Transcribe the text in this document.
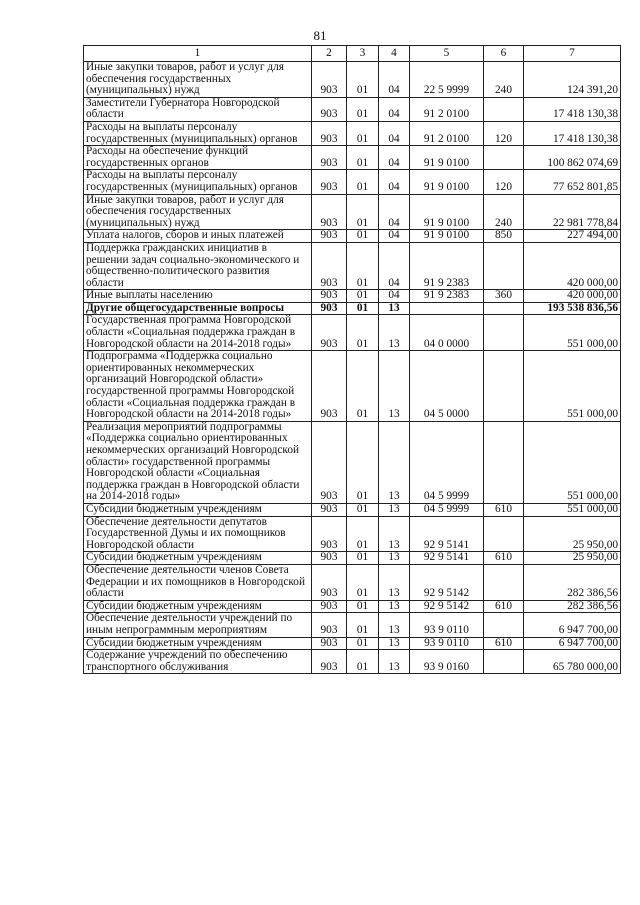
81
1	2	3	4	5	6	7

Иные закупки товаров, работ и услуг для обеспечения государственных (муниципальных) нужд	903	01	04	22 5 9999	240	124 391,20

Заместители Губернатора Новгородской области	903	01	04	91 2 0100		17 418 130,38

Расходы на выплаты персоналу государственных (муниципальных) органов	903	01	04	91 2 0100	120	17 418 130,38

Расходы на обеспечение функций государственных органов	903	01	04	91 9 0100		100 862 074,69

Расходы на выплаты персоналу государственных (муниципальных) органов	903	01	04	91 9 0100	120	77 652 801,85

Иные закупки товаров, работ и услуг для обеспечения государственных (муниципальных) нужд	903	01	04	91 9 0100	240	22 981 778,84

Уплата налогов, сборов и иных платежей	903	01	04	91 9 0100	850	227 494,00

Поддержка гражданских инициатив в решении задач социально-экономического и общественно-политического развития области	903	01	04	91 9 2383		420 000,00

Иные выплаты населению	903	01	04	91 9 2383	360	420 000,00

Другие общегосударственные вопросы	903	01	13			193 538 836,56

Государственная программа Новгородской области «Социальная поддержка граждан в Новгородской области на 2014-2018 годы»	903	01	13	04 0 0000		551 000,00

Подпрограмма «Поддержка социально ориентированных некоммерческих организаций Новгородской области» государственной программы Новгородской области «Социальная поддержка граждан в Новгородской области на 2014-2018 годы»	903	01	13	04 5 0000		551 000,00

Реализация мероприятий подпрограммы «Поддержка социально ориентированных некоммерческих организаций Новгородской области» государственной программы Новгородской области «Социальная поддержка граждан в Новгородской области на 2014-2018 годы»	903	01	13	04 5 9999		551 000,00

Субсидии бюджетным учреждениям	903	01	13	04 5 9999	610	551 000,00

Обеспечение деятельности депутатов Государственной Думы и их помощников Новгородской области	903	01	13	92 9 5141		25 950,00

Субсидии бюджетным учреждениям	903	01	13	92 9 5141	610	25 950,00

Обеспечение деятельности членов Совета Федерации и их помощников в Новгородской области	903	01	13	92 9 5142		282 386,56

Субсидии бюджетным учреждениям	903	01	13	92 9 5142	610	282 386,56

Обеспечение деятельности учреждений по иным непрограммным мероприятиям	903	01	13	93 9 0110		6 947 700,00

Субсидии бюджетным учреждениям	903	01	13	93 9 0110	610	6 947 700,00

Содержание учреждений по обеспечению транспортного обслуживания	903	01	13	93 9 0160		65 780 000,00
